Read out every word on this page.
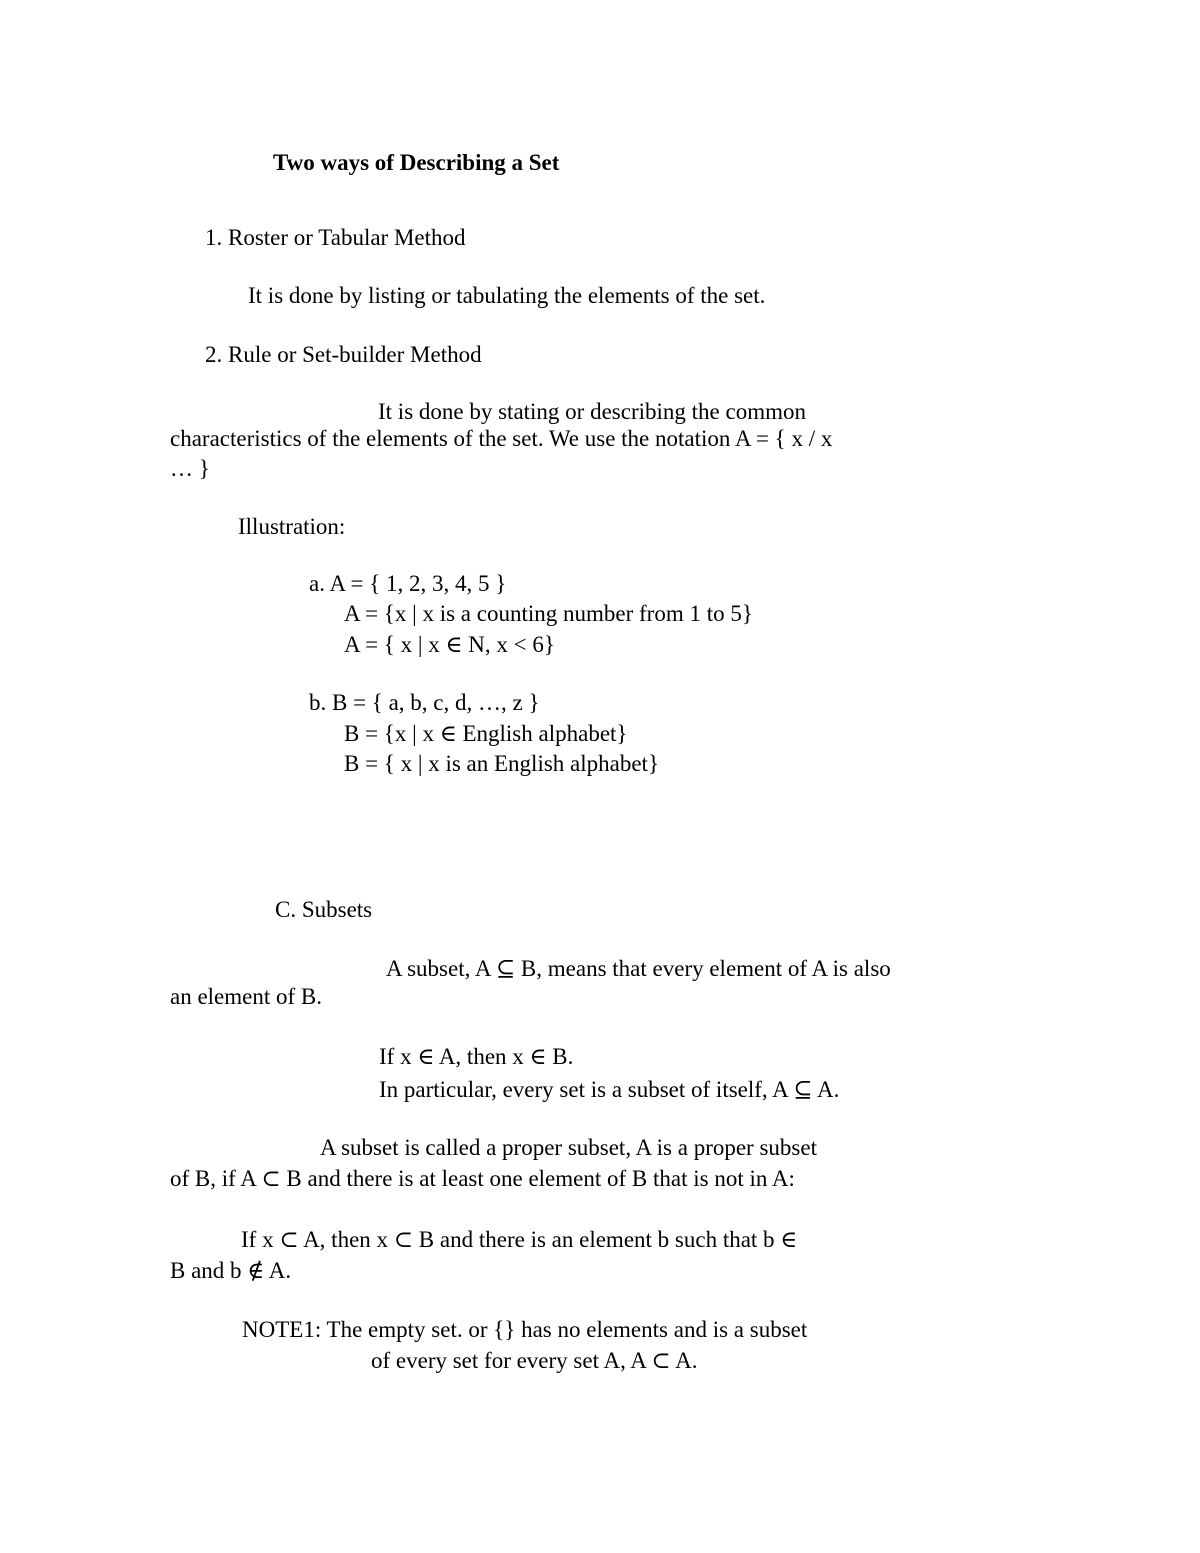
Two ways of Describing a Set
1. Roster or Tabular Method
It is done by listing or tabulating the elements of the set.
2. Rule or Set-builder Method
It is done by stating or describing the common
characteristics of the elements of the set. We use the notation A = { x / x
… }
Illustration:
a. A = { 1, 2, 3, 4, 5 }
A = {x | x is a counting number from 1 to 5}
A = { x | x ∈ N, x < 6}
b. B = { a, b, c, d, …, z }
B = {x | x ∈ English alphabet}
B = { x | x is an English alphabet}
C. Subsets
A subset, A ⊆ B, means that every element of A is also
an element of B.
If x ∈ A, then x ∈ B.
In particular, every set is a subset of itself, A ⊆ A.
A subset is called a proper subset, A is a proper subset
of B, if A ⊂ B and there is at least one element of B that is not in A:
If x ⊂ A, then x ⊂ B and there is an element b such that b ∈
B and b ∉ A.
NOTE1: The empty set. or {} has no elements and is a subset
of every set for every set A, A ⊂ A.
